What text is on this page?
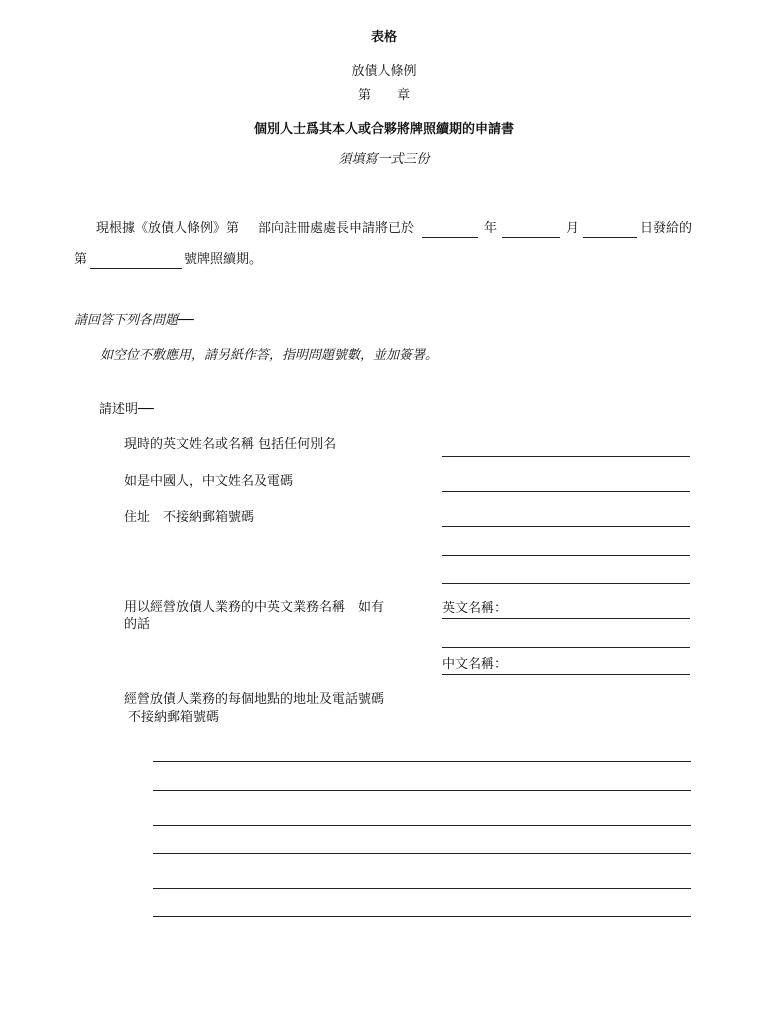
表格
放債人條例
第　　章
個別人士爲其本人或合夥將牌照續期的申請書
須填寫一式三份
現根據《放債人條例》第 部向註冊處處長申請將已於	年	月	日發給的
第	號牌照續期。
請回答下列各問題──
如空位不敷應用，請另紙作答，指明問題號數，並加簽署。
請述明──
現時的英文姓名或名稱 包括任何別名
如是中國人，中文姓名及電碼
住址　不接納郵箱號碼
用以經營放債人業務的中英文業務名稱　如有的話
英文名稱：
中文名稱：
經營放債人業務的每個地點的地址及電話號碼
不接納郵箱號碼
